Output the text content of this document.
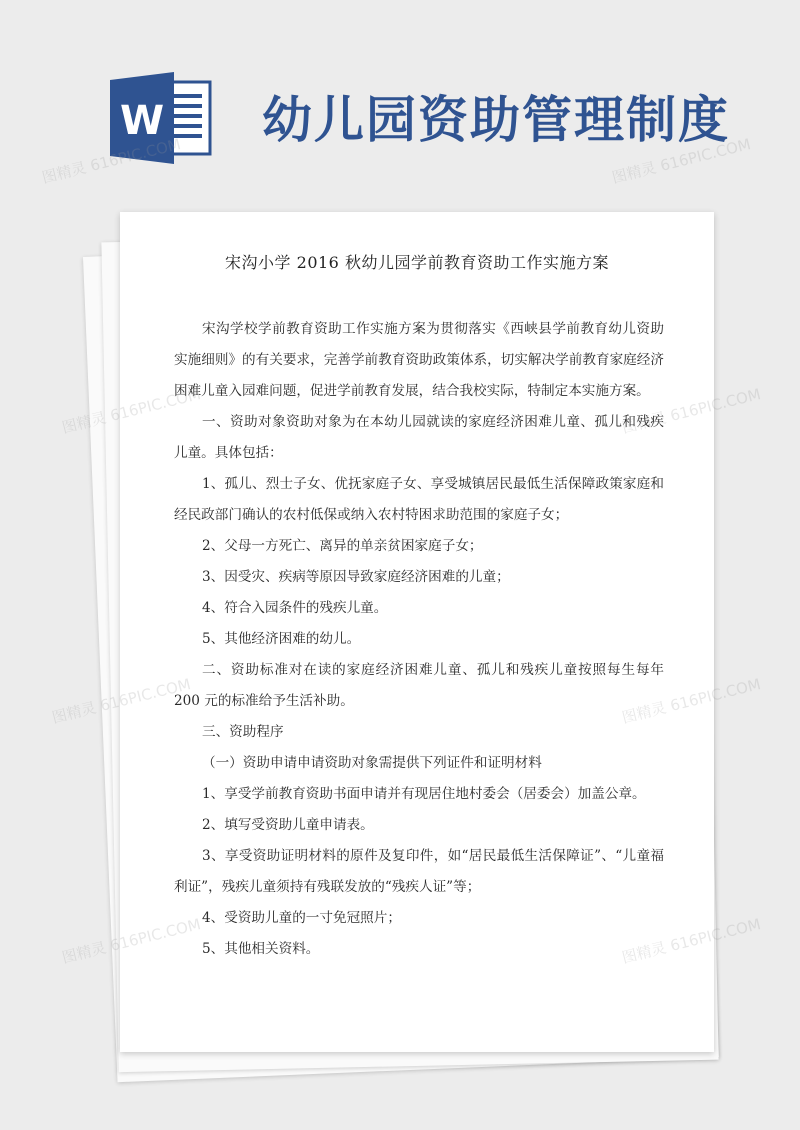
W 幼儿园资助管理制度
宋沟小学 2016 秋幼儿园学前教育资助工作实施方案

宋沟学校学前教育资助工作实施方案为贯彻落实《西峡县学前教育幼儿资助实施细则》的有关要求，完善学前教育资助政策体系，切实解决学前教育家庭经济困难儿童入园难问题，促进学前教育发展，结合我校实际，特制定本实施方案。

一、资助对象资助对象为在本幼儿园就读的家庭经济困难儿童、孤儿和残疾儿童。具体包括：

1、孤儿、烈士子女、优抚家庭子女、享受城镇居民最低生活保障政策家庭和经民政部门确认的农村低保或纳入农村特困求助范围的家庭子女；

2、父母一方死亡、离异的单亲贫困家庭子女；

3、因受灾、疾病等原因导致家庭经济困难的儿童；

4、符合入园条件的残疾儿童。

5、其他经济困难的幼儿。

二、资助标准对在读的家庭经济困难儿童、孤儿和残疾儿童按照每生每年 200 元的标准给予生活补助。

三、资助程序

（一）资助申请申请资助对象需提供下列证件和证明材料

1、享受学前教育资助书面申请并有现居住地村委会（居委会）加盖公章。

2、填写受资助儿童申请表。

3、享受资助证明材料的原件及复印件，如“居民最低生活保障证”、“儿童福利证”，残疾儿童须持有残联发放的“残疾人证”等；

4、受资助儿童的一寸免冠照片；

5、其他相关资料。

图精灵 616PIC.COM	图精灵 616PIC.COM
图精灵 616PIC.COM	图精灵 616PIC.COM
图精灵 616PIC.COM	图精灵 616PIC.COM
图精灵 616PIC.COM	图精灵 616PIC.COM
